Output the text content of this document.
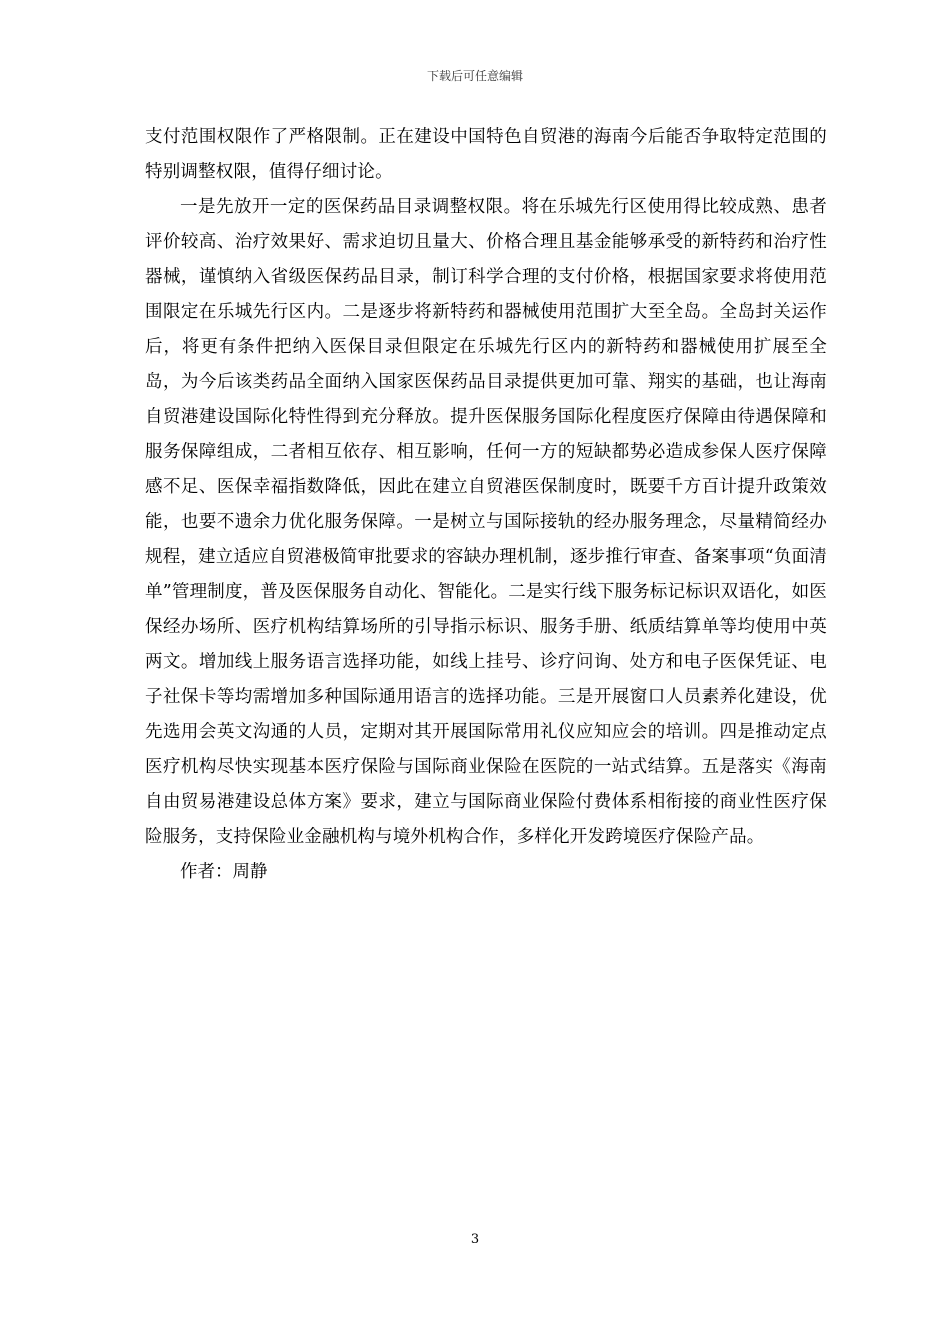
下载后可任意编辑

支付范围权限作了严格限制。正在建设中国特色自贸港的海南今后能否争取特定范围的特别调整权限，值得仔细讨论。

一是先放开一定的医保药品目录调整权限。将在乐城先行区使用得比较成熟、患者评价较高、治疗效果好、需求迫切且量大、价格合理且基金能够承受的新特药和治疗性器械，谨慎纳入省级医保药品目录，制订科学合理的支付价格，根据国家要求将使用范围限定在乐城先行区内。二是逐步将新特药和器械使用范围扩大至全岛。全岛封关运作后，将更有条件把纳入医保目录但限定在乐城先行区内的新特药和器械使用扩展至全岛，为今后该类药品全面纳入国家医保药品目录提供更加可靠、翔实的基础，也让海南自贸港建设国际化特性得到充分释放。提升医保服务国际化程度医疗保障由待遇保障和服务保障组成，二者相互依存、相互影响，任何一方的短缺都势必造成参保人医疗保障感不足、医保幸福指数降低，因此在建立自贸港医保制度时，既要千方百计提升政策效能，也要不遗余力优化服务保障。一是树立与国际接轨的经办服务理念，尽量精简经办规程，建立适应自贸港极简审批要求的容缺办理机制，逐步推行审查、备案事项“负面清单”管理制度，普及医保服务自动化、智能化。二是实行线下服务标记标识双语化，如医保经办场所、医疗机构结算场所的引导指示标识、服务手册、纸质结算单等均使用中英两文。增加线上服务语言选择功能，如线上挂号、诊疗问询、处方和电子医保凭证、电子社保卡等均需增加多种国际通用语言的选择功能。三是开展窗口人员素养化建设，优先选用会英文沟通的人员，定期对其开展国际常用礼仪应知应会的培训。四是推动定点医疗机构尽快实现基本医疗保险与国际商业保险在医院的一站式结算。五是落实《海南自由贸易港建设总体方案》要求，建立与国际商业保险付费体系相衔接的商业性医疗保险服务，支持保险业金融机构与境外机构合作，多样化开发跨境医疗保险产品。

作者：周静

3
